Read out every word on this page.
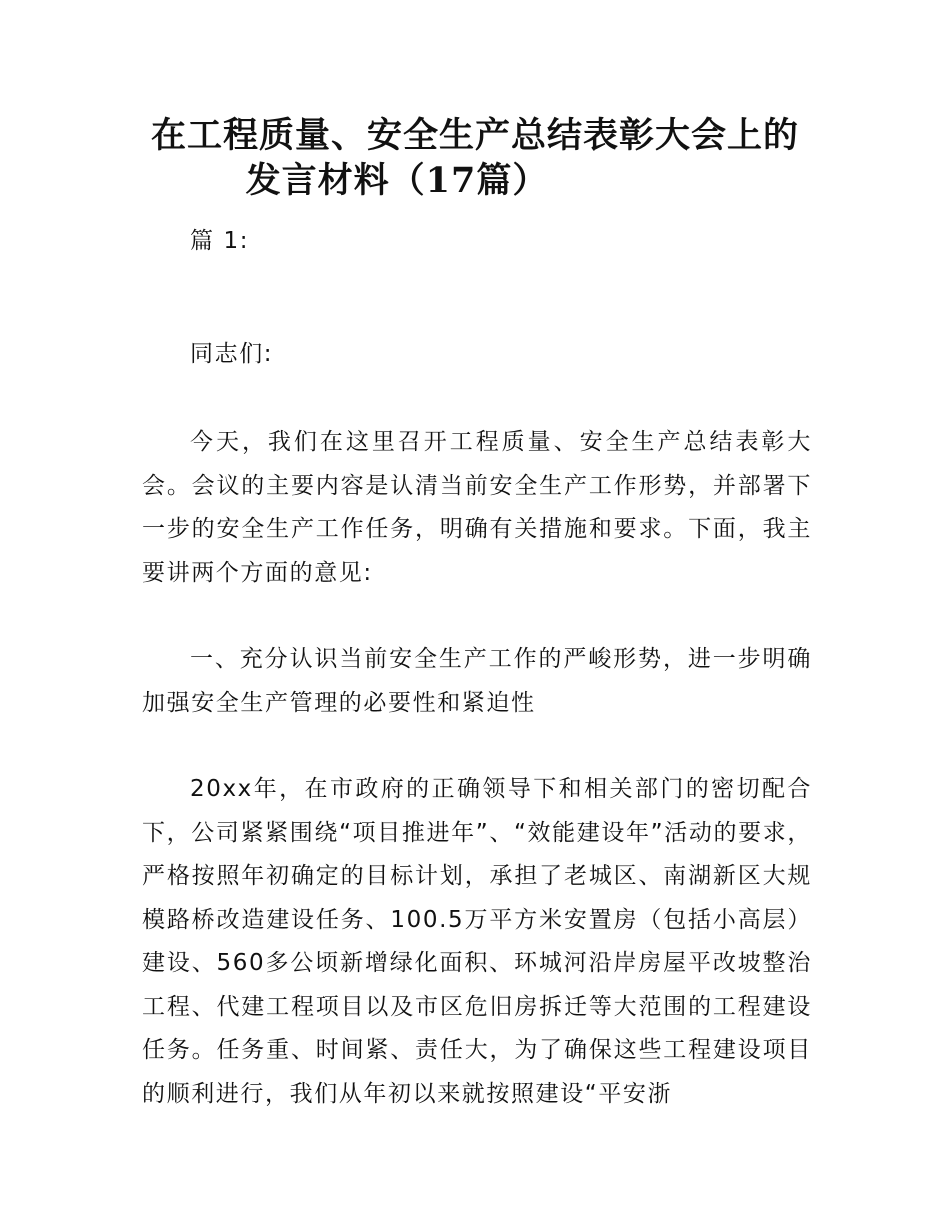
在工程质量、安全生产总结表彰大会上的
发言材料（17篇）

篇 1:

同志们:

今天，我们在这里召开工程质量、安全生产总结表彰大会。会议的主要内容是认清当前安全生产工作形势，并部署下一步的安全生产工作任务，明确有关措施和要求。下面，我主要讲两个方面的意见:

一、充分认识当前安全生产工作的严峻形势，进一步明确加强安全生产管理的必要性和紧迫性

20xx年，在市政府的正确领导下和相关部门的密切配合下，公司紧紧围绕“项目推进年”、“效能建设年”活动的要求，严格按照年初确定的目标计划，承担了老城区、南湖新区大规模路桥改造建设任务、100.5万平方米安置房（包括小高层）建设、560多公顷新增绿化面积、环城河沿岸房屋平改坡整治工程、代建工程项目以及市区危旧房拆迁等大范围的工程建设任务。任务重、时间紧、责任大，为了确保这些工程建设项目的顺利进行，我们从年初以来就按照建设“平安浙
